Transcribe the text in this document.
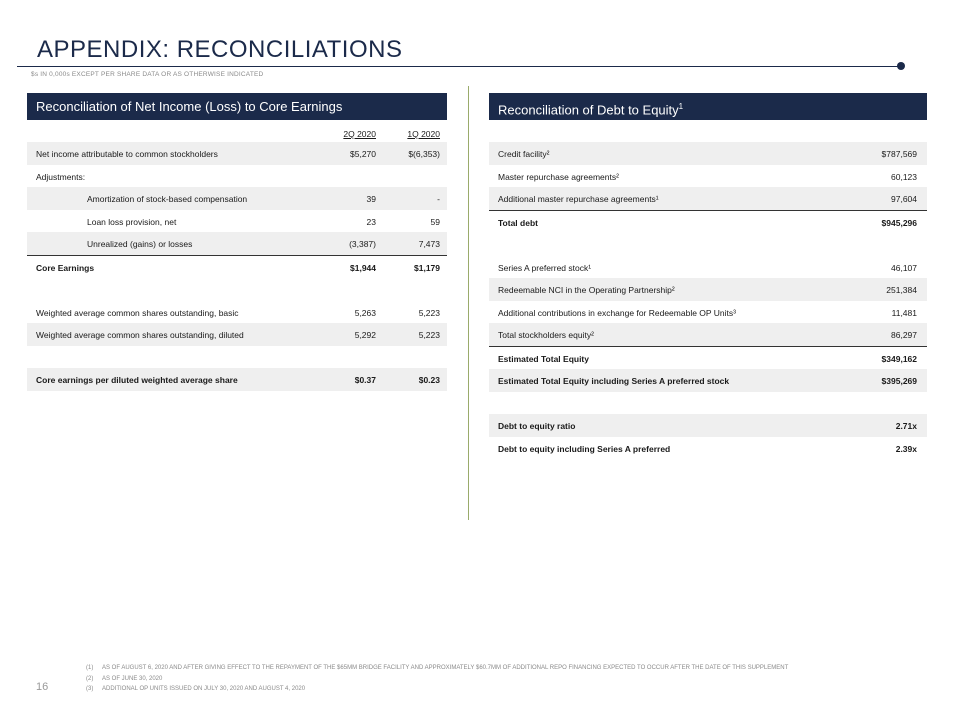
APPENDIX: RECONCILIATIONS
$s IN 0,000s EXCEPT PER SHARE DATA OR AS OTHERWISE INDICATED
Reconciliation of Net Income (Loss) to Core Earnings
2Q 2020	1Q 2020
Net income attributable to common stockholders	$5,270	$(6,353)
Adjustments:
Amortization of stock-based compensation	39	-
Loan loss provision, net	23	59
Unrealized (gains) or losses	(3,387)	7,473
Core Earnings	$1,944	$1,179
Weighted average common shares outstanding, basic	5,263	5,223
Weighted average common shares outstanding, diluted	5,292	5,223
Core earnings per diluted weighted average share	$0.37	$0.23
Reconciliation of Debt to Equity$^1$
Credit facility²	$787,569
Master repurchase agreements²	60,123
Additional master repurchase agreements¹	97,604
Total debt	$945,296
Series A preferred stock¹	46,107
Redeemable NCI in the Operating Partnership²	251,384
Additional contributions in exchange for Redeemable OP Units³	11,481
Total stockholders equity²	86,297
Estimated Total Equity	$349,162
Estimated Total Equity including Series A preferred stock	$395,269
Debt to equity ratio	2.71x
Debt to equity including Series A preferred	2.39x
16
(1) AS OF AUGUST 6, 2020 AND AFTER GIVING EFFECT TO THE REPAYMENT OF THE $65MM BRIDGE FACILITY AND APPROXIMATELY $60.7MM OF ADDITIONAL REPO FINANCING EXPECTED TO OCCUR AFTER THE DATE OF THIS SUPPLEMENT
(2) AS OF JUNE 30, 2020
(3) ADDITIONAL OP UNITS ISSUED ON JULY 30, 2020 AND AUGUST 4, 2020
